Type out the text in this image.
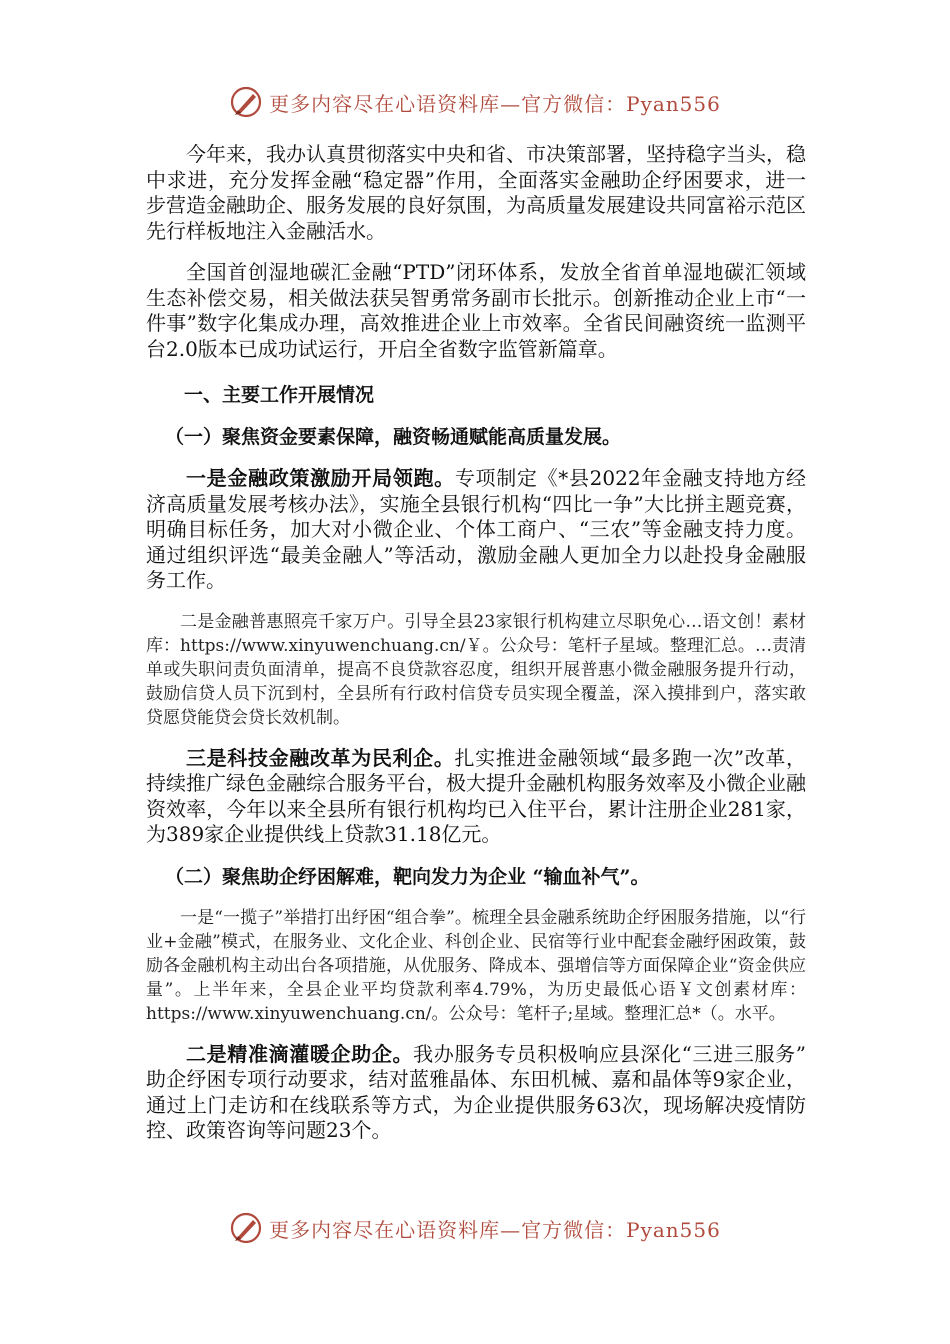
更多内容尽在心语资料库—官方微信：Pyan556

今年来，我办认真贯彻落实中央和省、市决策部署，坚持稳字当头，稳中求进，充分发挥金融“稳定器”作用，全面落实金融助企纾困要求，进一步营造金融助企、服务发展的良好氛围，为高质量发展建设共同富裕示范区先行样板地注入金融活水。

全国首创湿地碳汇金融“PTD”闭环体系，发放全省首单湿地碳汇领域生态补偿交易，相关做法获吴智勇常务副市长批示。创新推动企业上市“一件事”数字化集成办理，高效推进企业上市效率。全省民间融资统一监测平台2.0版本已成功试运行，开启全省数字监管新篇章。

一、主要工作开展情况

（一）聚焦资金要素保障，融资畅通赋能高质量发展。

一是金融政策激励开局领跑。专项制定《*县2022年金融支持地方经济高质量发展考核办法》，实施全县银行机构“四比一争”大比拼主题竞赛，明确目标任务，加大对小微企业、个体工商户、“三农”等金融支持力度。通过组织评选“最美金融人”等活动，激励金融人更加全力以赴投身金融服务工作。

二是金融普惠照亮千家万户。引导全县23家银行机构建立尽职免心…语文创！素材库：https://www.xinyuwenchuang.cn/￥。公众号：笔杆子星域。整理汇总。…责清单或失职问责负面清单，提高不良贷款容忍度，组织开展普惠小微金融服务提升行动，鼓励信贷人员下沉到村，全县所有行政村信贷专员实现全覆盖，深入摸排到户，落实敢贷愿贷能贷会贷长效机制。

三是科技金融改革为民利企。扎实推进金融领域“最多跑一次”改革，持续推广绿色金融综合服务平台，极大提升金融机构服务效率及小微企业融资效率，今年以来全县所有银行机构均已入住平台，累计注册企业281家，为389家企业提供线上贷款31.18亿元。

（二）聚焦助企纾困解难，靶向发力为企业 “输血补气”。

一是“一揽子”举措打出纾困“组合拳”。梳理全县金融系统助企纾困服务措施，以“行业+金融”模式，在服务业、文化企业、科创企业、民宿等行业中配套金融纾困政策，鼓励各金融机构主动出台各项措施，从优服务、降成本、强增信等方面保障企业“资金供应量”。上半年来，全县企业平均贷款利率4.79%，为历史最低心语￥文创素材库：https://www.xinyuwenchuang.cn/。公众号：笔杆子;星域。整理汇总*（。水平。

二是精准滴灌暖企助企。我办服务专员积极响应县深化“三进三服务”　助企纾困专项行动要求，结对蓝雅晶体、东田机械、嘉和晶体等9家企业，通过上门走访和在线联系等方式，为企业提供服务63次，现场解决疫情防控、政策咨询等问题23个。

更多内容尽在心语资料库—官方微信：Pyan556
